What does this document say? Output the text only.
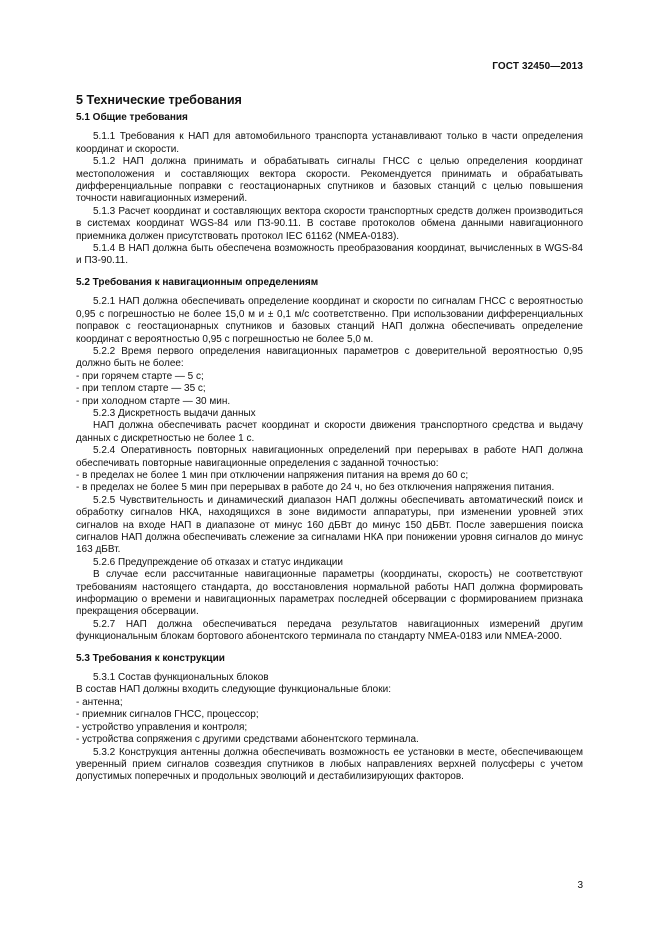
ГОСТ 32450—2013
5 Технические требования
5.1 Общие требования

5.1.1 Требования к НАП для автомобильного транспорта устанавливают только в части определения координат и скорости.

5.1.2 НАП должна принимать и обрабатывать сигналы ГНСС с целью определения координат местоположения и составляющих вектора скорости. Рекомендуется принимать и обрабатывать дифференциальные поправки с геостационарных спутников и базовых станций с целью повышения точности навигационных измерений.

5.1.3 Расчет координат и составляющих вектора скорости транспортных средств должен производиться в системах координат WGS-84 или ПЗ-90.11. В составе протоколов обмена данными навигационного приемника должен присутствовать протокол IEC 61162 (NMEA-0183).

5.1.4 В НАП должна быть обеспечена возможность преобразования координат, вычисленных в WGS-84 и ПЗ-90.11.

5.2 Требования к навигационным определениям

5.2.1 НАП должна обеспечивать определение координат и скорости по сигналам ГНСС с вероятностью 0,95 с погрешностью не более 15,0 м и ± 0,1 м/с соответственно. При использовании дифференциальных поправок с геостационарных спутников и базовых станций НАП должна обеспечивать определение координат с вероятностью 0,95 с погрешностью не более 5,0 м.

5.2.2 Время первого определения навигационных параметров с доверительной вероятностью 0,95 должно быть не более:

- при горячем старте — 5 с;

- при теплом старте — 35 с;

- при холодном старте — 30 мин.

5.2.3 Дискретность выдачи данных

НАП должна обеспечивать расчет координат и скорости движения транспортного средства и выдачу данных с дискретностью не более 1 с.

5.2.4 Оперативность повторных навигационных определений при перерывах в работе НАП должна обеспечивать повторные навигационные определения с заданной точностью:

- в пределах не более 1 мин при отключении напряжения питания на время до 60 с;

- в пределах не более 5 мин при перерывах в работе до 24 ч, но без отключения напряжения питания.

5.2.5 Чувствительность и динамический диапазон НАП должны обеспечивать автоматический поиск и обработку сигналов НКА, находящихся в зоне видимости аппаратуры, при изменении уровней этих сигналов на входе НАП в диапазоне от минус 160 дБВт до минус 150 дБВт. После завершения поиска сигналов НАП должна обеспечивать слежение за сигналами НКА при понижении уровня сигналов до минус 163 дБВт.

5.2.6 Предупреждение об отказах и статус индикации

В случае если рассчитанные навигационные параметры (координаты, скорость) не соответствуют требованиям настоящего стандарта, до восстановления нормальной работы НАП должна формировать информацию о времени и навигационных параметрах последней обсервации с формированием признака прекращения обсервации.

5.2.7 НАП должна обеспечиваться передача результатов навигационных измерений другим функциональным блокам бортового абонентского терминала по стандарту NMEA-0183 или NMEA-2000.

5.3 Требования к конструкции

5.3.1 Состав функциональных блоков

В состав НАП должны входить следующие функциональные блоки:

- антенна;

- приемник сигналов ГНСС, процессор;

- устройство управления и контроля;

- устройства сопряжения с другими средствами абонентского терминала.

5.3.2 Конструкция антенны должна обеспечивать возможность ее установки в месте, обеспечивающем уверенный прием сигналов созвездия спутников в любых направлениях верхней полусферы с учетом допустимых поперечных и продольных эволюций и дестабилизирующих факторов.

3
